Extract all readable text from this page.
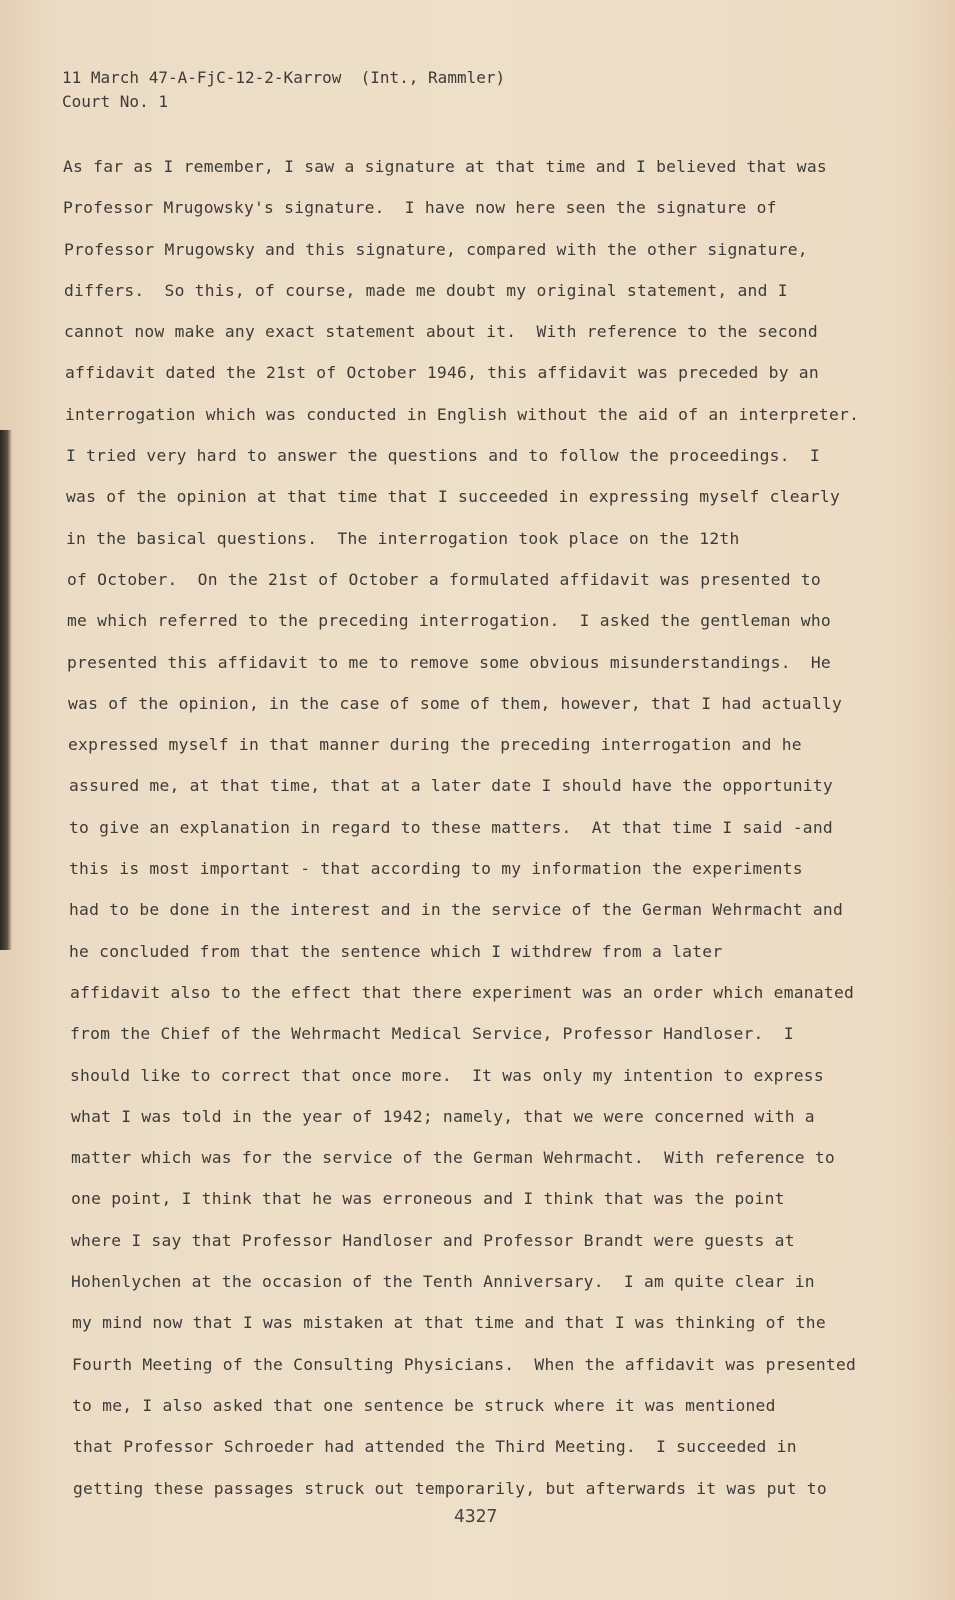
11 March 47-A-FjC-12-2-Karrow  (Int., Rammler)
Court No. 1
As far as I remember, I saw a signature at that time and I believed that was
Professor Mrugowsky's signature.  I have now here seen the signature of
Professor Mrugowsky and this signature, compared with the other signature,
differs.  So this, of course, made me doubt my original statement, and I
cannot now make any exact statement about it.  With reference to the second
affidavit dated the 21st of October 1946, this affidavit was preceded by an
interrogation which was conducted in English without the aid of an interpreter.
I tried very hard to answer the questions and to follow the proceedings.  I
was of the opinion at that time that I succeeded in expressing myself clearly
in the basical questions.  The interrogation took place on the 12th
of October.  On the 21st of October a formulated affidavit was presented to
me which referred to the preceding interrogation.  I asked the gentleman who
presented this affidavit to me to remove some obvious misunderstandings.  He
was of the opinion, in the case of some of them, however, that I had actually
expressed myself in that manner during the preceding interrogation and he
assured me, at that time, that at a later date I should have the opportunity
to give an explanation in regard to these matters.  At that time I said -and
this is most important - that according to my information the experiments
had to be done in the interest and in the service of the German Wehrmacht and
he concluded from that the sentence which I withdrew from a later
affidavit also to the effect that there experiment was an order which emanated
from the Chief of the Wehrmacht Medical Service, Professor Handloser.  I
should like to correct that once more.  It was only my intention to express
what I was told in the year of 1942; namely, that we were concerned with a
matter which was for the service of the German Wehrmacht.  With reference to
one point, I think that he was erroneous and I think that was the point
where I say that Professor Handloser and Professor Brandt were guests at
Hohenlychen at the occasion of the Tenth Anniversary.  I am quite clear in
my mind now that I was mistaken at that time and that I was thinking of the
Fourth Meeting of the Consulting Physicians.  When the affidavit was presented
to me, I also asked that one sentence be struck where it was mentioned
that Professor Schroeder had attended the Third Meeting.  I succeeded in
getting these passages struck out temporarily, but afterwards it was put to
4327
